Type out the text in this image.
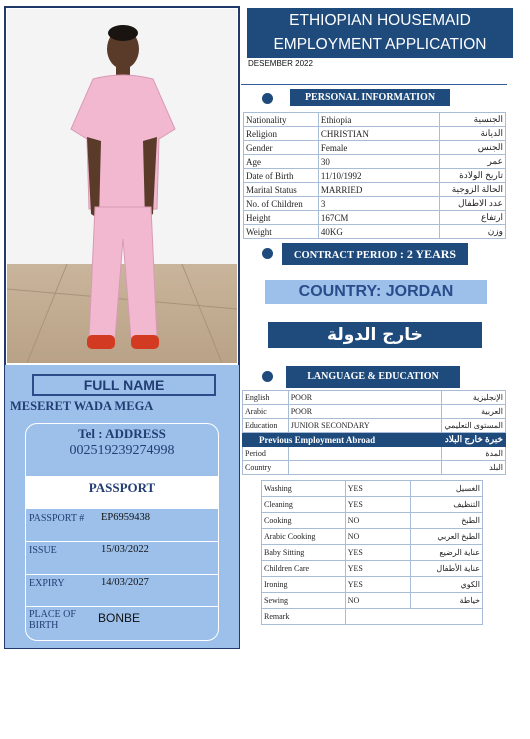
FULL NAME
MESERET WADA MEGA
Tel : ADDRESS
002519239274998
PASSPORT
PASSPORT # EP6959438
ISSUE	15/03/2022
EXPIRY	14/03/2027
PLACE OF BIRTH
BONBE
ETHIOPIAN HOUSEMAID
EMPLOYMENT APPLICATION
DESEMBER 2022
PERSONAL INFORMATION
Nationality	Ethiopia	الجنسية
Religion	CHRISTIAN	الديانة
Gender	Female	الجنس
Age	30	عمر
Date of Birth	11/10/1992	تاريخ الولادة
Marital Status	MARRIED	الحالة الزوجية
No. of Children	3	عدد الاطفال
Height	167CM	ارتفاع
Weight	40KG	وزن
CONTRACT PERIOD : 2 YEARS
COUNTRY: JORDAN
خارج الدولة
LANGUAGE & EDUCATION
English	POOR	الإنجليزية
Arabic	POOR	العربية
Education	JUNIOR SECONDARY	المستوى التعليمي
Previous Employment Abroad		خبرة خارج البلاد
Period		المدة
Country		البلد
Washing	YES	الغسيل
Cleaning	YES	التنظيف
Cooking	NO	الطبخ
Arabic Cooking	NO	الطبخ العربي
Baby Sitting	YES	عناية الرضيع
Children Care	YES	عناية الأطفال
Ironing	YES	الكوي
Sewing	NO	خياطة
Remark		
